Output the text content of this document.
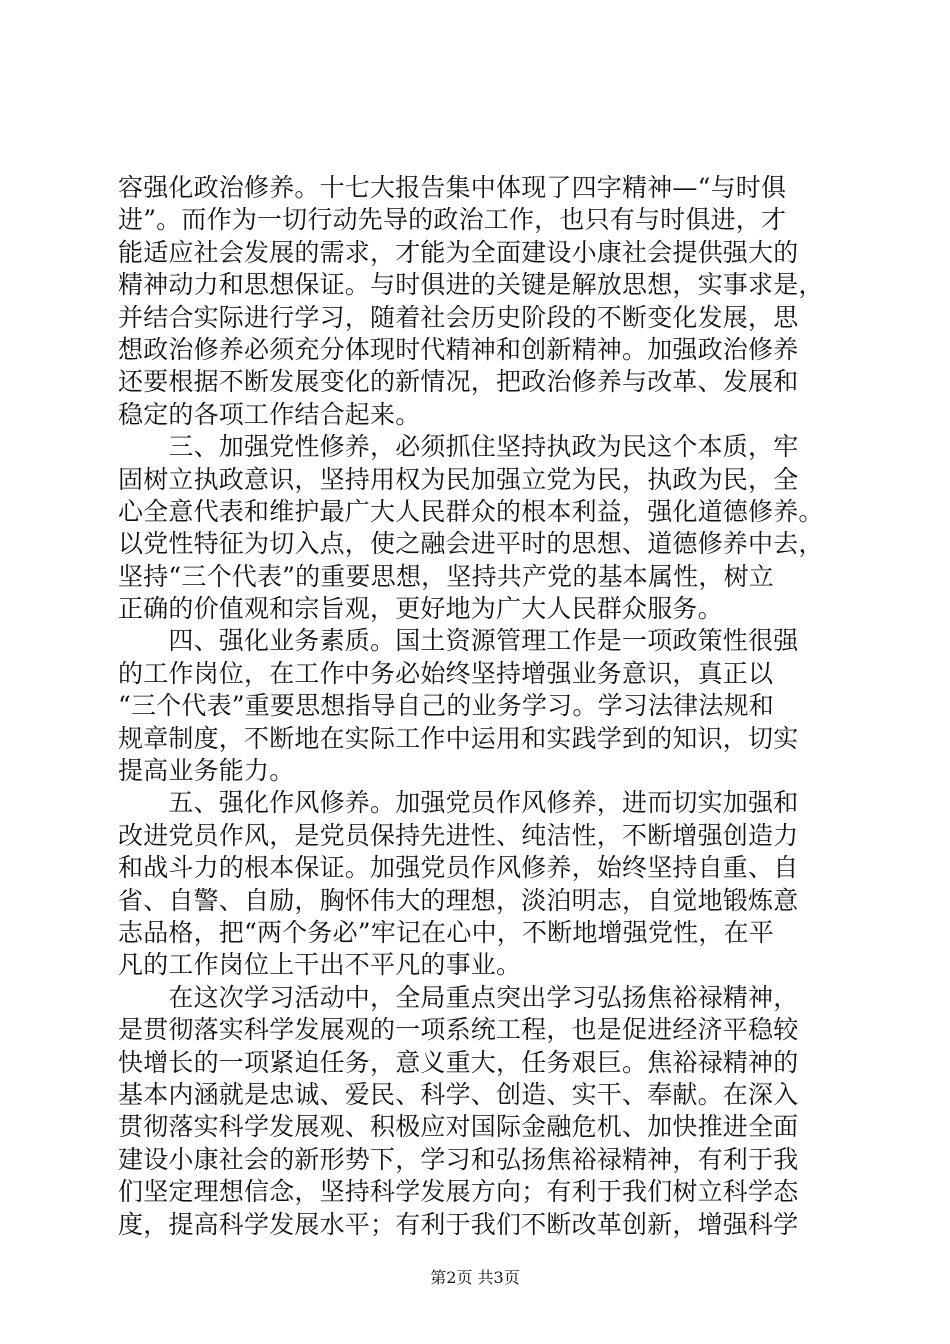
容强化政治修养。十七大报告集中体现了四字精神—“与时俱
进”。而作为一切行动先导的政治工作，也只有与时俱进，才
能适应社会发展的需求，才能为全面建设小康社会提供强大的
精神动力和思想保证。与时俱进的关键是解放思想，实事求是，
并结合实际进行学习，随着社会历史阶段的不断变化发展，思
想政治修养必须充分体现时代精神和创新精神。加强政治修养
还要根据不断发展变化的新情况，把政治修养与改革、发展和
稳定的各项工作结合起来。
　　三、加强党性修养，必须抓住坚持执政为民这个本质，牢
固树立执政意识，坚持用权为民加强立党为民，执政为民，全
心全意代表和维护最广大人民群众的根本利益，强化道德修养。
以党性特征为切入点，使之融会进平时的思想、道德修养中去，
坚持“三个代表”的重要思想，坚持共产党的基本属性，树立
正确的价值观和宗旨观，更好地为广大人民群众服务。
　　四、强化业务素质。国土资源管理工作是一项政策性很强
的工作岗位，在工作中务必始终坚持增强业务意识，真正以
“三个代表”重要思想指导自己的业务学习。学习法律法规和
规章制度，不断地在实际工作中运用和实践学到的知识，切实
提高业务能力。
　　五、强化作风修养。加强党员作风修养，进而切实加强和
改进党员作风，是党员保持先进性、纯洁性，不断增强创造力
和战斗力的根本保证。加强党员作风修养，始终坚持自重、自
省、自警、自励，胸怀伟大的理想，淡泊明志，自觉地锻炼意
志品格，把“两个务必”牢记在心中，不断地增强党性，在平
凡的工作岗位上干出不平凡的事业。
　　在这次学习活动中，全局重点突出学习弘扬焦裕禄精神，
是贯彻落实科学发展观的一项系统工程，也是促进经济平稳较
快增长的一项紧迫任务，意义重大，任务艰巨。焦裕禄精神的
基本内涵就是忠诚、爱民、科学、创造、实干、奉献。在深入
贯彻落实科学发展观、积极应对国际金融危机、加快推进全面
建设小康社会的新形势下，学习和弘扬焦裕禄精神，有利于我
们坚定理想信念，坚持科学发展方向；有利于我们树立科学态
度，提高科学发展水平；有利于我们不断改革创新，增强科学
第2页 共3页
